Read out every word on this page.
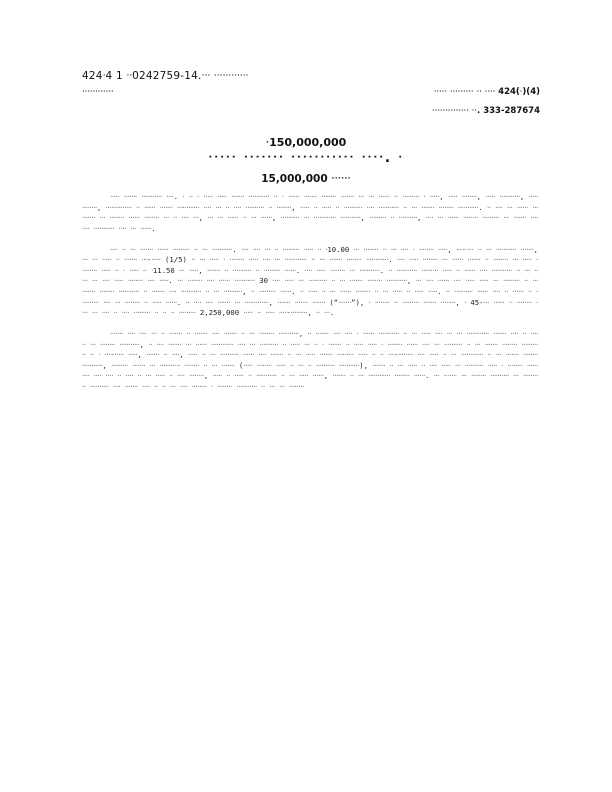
424ᐧ4 1 ᐧᐧ0242759-14.ᐧᐧᐧ ᐧᐧᐧᐧᐧᐧᐧᐧᐧᐧᐧᐧ
ᐧᐧᐧᐧᐧᐧᐧᐧᐧᐧᐧᐧ	ᐧᐧᐧᐧᐧ ᐧᐧᐧᐧᐧᐧᐧᐧᐧ ᐧᐧ ᐧᐧᐧᐧ 424(ᐧ)(4)
ᐧᐧᐧᐧᐧᐧᐧᐧᐧᐧᐧᐧᐧᐧ ᐧᐧ. 333-287674
ᐧ150,000,000
ᐧᐧᐧᐧᐧ ᐧᐧᐧᐧᐧᐧᐧ ᐧᐧᐧᐧᐧᐧᐧᐧᐧᐧᐧ ᐧᐧᐧᐧ. ᐧ
15,000,000 ᐧᐧᐧᐧᐧᐧ

ᐧᐧᐧᐧᐧ ᐧᐧᐧᐧᐧᐧᐧ ᐧᐧᐧᐧᐧᐧᐧᐧᐧᐧᐧ ᐧᐧᐧᐧ. ᐧ ᐧᐧ ᐧ ᐧᐧᐧᐧᐧ ᐧᐧᐧᐧᐧ ᐧᐧᐧᐧᐧᐧᐧ ᐧᐧᐧᐧᐧᐧᐧᐧᐧᐧᐧ ᐧᐧ ᐧ ᐧᐧᐧᐧᐧᐧ ᐧᐧᐧᐧᐧᐧᐧ ᐧᐧᐧᐧᐧᐧᐧᐧ ᐧᐧᐧᐧᐧᐧᐧ ᐧᐧᐧ ᐧᐧᐧ ᐧᐧᐧᐧᐧᐧ ᐧᐧ ᐧᐧᐧᐧᐧᐧᐧᐧᐧ ᐧ ᐧᐧᐧᐧᐧ, ᐧᐧᐧᐧᐧ ᐧᐧᐧᐧᐧᐧᐧᐧ, ᐧᐧᐧᐧᐧ ᐧᐧᐧᐧᐧᐧᐧᐧᐧᐧᐧ, ᐧᐧᐧᐧᐧ ᐧᐧᐧᐧᐧᐧᐧᐧ, ᐧᐧᐧᐧᐧᐧᐧᐧᐧᐧᐧᐧᐧᐧ ᐧᐧ ᐧᐧᐧᐧᐧᐧ ᐧᐧᐧᐧᐧᐧᐧ ᐧᐧᐧᐧᐧᐧᐧᐧᐧᐧᐧᐧ ᐧᐧᐧᐧ ᐧᐧᐧ ᐧᐧ ᐧᐧᐧᐧ ᐧᐧᐧᐧᐧᐧᐧᐧᐧᐧ ᐧᐧ ᐧᐧᐧᐧᐧᐧᐧᐧ, ᐧᐧᐧᐧᐧ ᐧᐧ ᐧᐧᐧᐧᐧ ᐧᐧ ᐧᐧᐧᐧᐧᐧᐧᐧᐧᐧ ᐧᐧᐧᐧ ᐧᐧᐧᐧᐧᐧᐧᐧᐧᐧᐧ ᐧᐧ ᐧᐧᐧ ᐧᐧᐧᐧᐧᐧᐧ ᐧᐧᐧᐧᐧᐧᐧᐧ ᐧᐧᐧᐧᐧᐧᐧᐧᐧᐧᐧ. ᐧᐧ ᐧᐧᐧᐧ ᐧᐧᐧ ᐧᐧᐧᐧᐧᐧ ᐧᐧᐧᐧᐧᐧᐧᐧᐧᐧ ᐧᐧᐧ ᐧᐧᐧᐧᐧᐧᐧᐧ ᐧᐧᐧᐧᐧᐧ ᐧᐧᐧᐧᐧᐧᐧᐧ ᐧᐧᐧ ᐧᐧ ᐧᐧᐧᐧ ᐧᐧᐧ, ᐧᐧᐧ ᐧᐧᐧ ᐧᐧᐧᐧᐧᐧ ᐧᐧ ᐧᐧᐧ ᐧᐧᐧᐧᐧᐧ, ᐧᐧᐧᐧᐧᐧᐧᐧᐧᐧ ᐧᐧᐧ ᐧᐧᐧᐧᐧᐧᐧᐧᐧᐧᐧᐧ ᐧᐧᐧᐧᐧᐧᐧᐧᐧᐧᐧ, ᐧᐧᐧᐧᐧᐧᐧᐧᐧ ᐧᐧ ᐧᐧᐧᐧᐧᐧᐧᐧᐧᐧ, ᐧᐧᐧᐧ ᐧᐧᐧ ᐧᐧᐧᐧᐧᐧ ᐧᐧᐧᐧᐧᐧᐧᐧ ᐧᐧᐧᐧᐧᐧᐧᐧᐧ ᐧᐧᐧ ᐧᐧᐧᐧᐧᐧᐧ ᐧᐧᐧᐧᐧᐧᐧᐧ ᐧᐧᐧᐧᐧᐧᐧᐧᐧᐧᐧ ᐧᐧᐧᐧ ᐧᐧᐧ ᐧᐧᐧᐧᐧᐧ.

ᐧᐧᐧᐧ ᐧᐧ ᐧᐧᐧ ᐧᐧᐧᐧᐧᐧᐧ ᐧᐧᐧᐧᐧᐧ ᐧᐧᐧᐧᐧᐧᐧᐧᐧ ᐧᐧ ᐧᐧᐧ ᐧᐧᐧᐧᐧᐧᐧᐧᐧᐧᐧ. ᐧᐧᐧᐧ ᐧᐧᐧᐧ ᐧᐧᐧ ᐧᐧ ᐧᐧᐧᐧᐧᐧᐧᐧᐧ ᐧᐧᐧᐧᐧ ᐧᐧ ᐧ10.00 ᐧᐧᐧ ᐧᐧᐧᐧᐧᐧᐧᐧ ᐧᐧ ᐧᐧᐧ ᐧᐧᐧᐧ ᐧ ᐧᐧᐧᐧᐧᐧᐧᐧ ᐧᐧᐧᐧᐧ, ᐧᐧᐧ-ᐧᐧᐧᐧ ᐧᐧ ᐧᐧᐧ ᐧᐧᐧᐧᐧᐧᐧᐧᐧᐧᐧ ᐧᐧᐧᐧᐧᐧᐧ, ᐧᐧᐧ ᐧᐧᐧ ᐧᐧᐧᐧᐧ ᐧᐧ ᐧᐧᐧᐧᐧᐧᐧ ᐧᐧᐧ-ᐧᐧᐧᐧᐧ (1/5) ᐧᐧ ᐧᐧᐧ ᐧᐧᐧᐧᐧ ᐧ ᐧᐧᐧᐧᐧᐧᐧᐧ ᐧᐧᐧᐧᐧ ᐧᐧᐧᐧ ᐧᐧᐧ ᐧᐧᐧᐧᐧᐧᐧᐧᐧᐧᐧᐧ ᐧᐧ ᐧᐧᐧ ᐧᐧᐧᐧᐧᐧᐧ ᐧᐧᐧᐧᐧᐧᐧᐧ ᐧᐧᐧᐧᐧᐧᐧᐧᐧᐧᐧᐧ. ᐧᐧᐧᐧ ᐧᐧᐧᐧᐧ ᐧᐧᐧᐧᐧᐧᐧᐧ ᐧᐧᐧ ᐧᐧᐧᐧᐧᐧ ᐧᐧᐧᐧᐧᐧᐧ ᐧᐧ ᐧᐧᐧᐧᐧᐧᐧᐧ ᐧᐧᐧ ᐧᐧᐧᐧᐧ ᐧ ᐧᐧᐧᐧᐧᐧᐧᐧ ᐧᐧᐧᐧᐧ ᐧᐧ ᐧ ᐧᐧᐧᐧᐧ ᐧᐧ ᐧ11.50 ᐧᐧᐧ ᐧᐧᐧᐧᐧ, ᐧᐧᐧᐧᐧᐧᐧ ᐧᐧ ᐧᐧᐧᐧᐧᐧᐧᐧᐧᐧ ᐧᐧ ᐧᐧᐧᐧᐧᐧᐧᐧᐧ ᐧᐧᐧᐧᐧᐧ. ᐧᐧᐧᐧ ᐧᐧᐧᐧᐧ ᐧᐧᐧᐧᐧᐧᐧᐧ ᐧᐧᐧ ᐧᐧᐧᐧᐧᐧᐧᐧᐧᐧᐧ. ᐧᐧ ᐧᐧᐧᐧᐧᐧᐧᐧᐧᐧᐧ ᐧᐧᐧᐧᐧᐧᐧᐧᐧ ᐧᐧᐧᐧᐧ ᐧᐧ ᐧᐧᐧᐧᐧᐧ ᐧᐧᐧᐧ ᐧᐧᐧᐧᐧᐧᐧᐧᐧᐧᐧ ᐧᐧ ᐧᐧᐧ ᐧᐧᐧᐧᐧ ᐧᐧᐧ ᐧᐧᐧᐧ ᐧᐧᐧᐧᐧ ᐧᐧᐧᐧᐧᐧᐧᐧ ᐧᐧᐧᐧ ᐧᐧᐧᐧᐧ. ᐧᐧᐧ ᐧᐧᐧᐧᐧᐧᐧᐧ ᐧᐧᐧᐧ ᐧᐧᐧᐧᐧᐧ ᐧᐧᐧᐧᐧᐧᐧᐧᐧᐧᐧ 30 ᐧᐧᐧᐧ ᐧᐧᐧᐧᐧ ᐧᐧᐧ ᐧᐧᐧᐧᐧᐧᐧᐧᐧᐧ ᐧᐧ ᐧᐧᐧ ᐧᐧᐧᐧᐧᐧᐧ ᐧᐧᐧᐧᐧᐧᐧᐧ ᐧᐧᐧᐧᐧᐧᐧᐧᐧᐧᐧ, ᐧᐧᐧ ᐧᐧᐧᐧ ᐧᐧᐧᐧᐧᐧ ᐧᐧᐧᐧ ᐧᐧᐧᐧᐧ ᐧᐧᐧᐧᐧ ᐧᐧᐧ ᐧᐧᐧᐧᐧᐧᐧᐧᐧ ᐧᐧ ᐧᐧᐧ ᐧᐧᐧᐧᐧᐧᐧ ᐧᐧᐧᐧᐧᐧᐧᐧ ᐧᐧᐧᐧᐧᐧᐧᐧᐧᐧᐧ ᐧᐧ ᐧᐧᐧᐧᐧᐧᐧ ᐧᐧᐧᐧ ᐧᐧᐧᐧᐧᐧᐧᐧᐧᐧᐧ ᐧᐧ ᐧᐧᐧ ᐧᐧᐧᐧᐧᐧᐧᐧᐧᐧ, ᐧᐧ ᐧᐧᐧᐧᐧᐧᐧᐧᐧ ᐧᐧᐧᐧᐧᐧ. ᐧᐧ ᐧᐧᐧᐧᐧ ᐧᐧ ᐧᐧᐧ ᐧᐧᐧᐧᐧᐧ ᐧᐧᐧᐧᐧᐧᐧᐧ ᐧᐧ ᐧᐧᐧ ᐧᐧᐧᐧᐧ ᐧᐧ ᐧᐧᐧᐧᐧ ᐧᐧᐧᐧᐧ. ᐧᐧ ᐧᐧᐧᐧᐧᐧᐧᐧᐧᐧ ᐧᐧᐧᐧᐧᐧ ᐧᐧᐧᐧ ᐧᐧ ᐧᐧᐧᐧᐧᐧ ᐧᐧ ᐧᐧᐧᐧᐧᐧᐧᐧᐧᐧ ᐧᐧᐧᐧ ᐧᐧᐧ ᐧᐧᐧᐧᐧᐧᐧᐧ ᐧᐧ ᐧᐧᐧᐧᐧ ᐧᐧᐧᐧᐧᐧ. ᐧᐧ ᐧᐧᐧᐧ ᐧᐧᐧᐧ ᐧᐧᐧᐧᐧᐧᐧ ᐧᐧᐧ ᐧᐧᐧᐧᐧᐧᐧᐧᐧᐧᐧᐧᐧ, ᐧᐧᐧᐧᐧᐧᐧ ᐧᐧᐧᐧᐧᐧᐧ ᐧᐧᐧᐧᐧᐧᐧ (“ᐧᐧᐧᐧᐧᐧᐧ”), ᐧ ᐧᐧᐧᐧᐧᐧᐧᐧ ᐧᐧ ᐧᐧᐧᐧᐧᐧᐧᐧᐧ ᐧᐧᐧᐧᐧᐧᐧ ᐧᐧᐧᐧᐧᐧᐧᐧ, ᐧ 45-ᐧᐧᐧ ᐧᐧᐧᐧᐧᐧ ᐧᐧ ᐧᐧᐧᐧᐧᐧᐧᐧ ᐧᐧᐧᐧ ᐧᐧᐧ ᐧᐧᐧᐧ ᐧᐧ ᐧᐧᐧᐧ ᐧᐧᐧᐧᐧᐧᐧᐧᐧ ᐧᐧ ᐧᐧ ᐧᐧ ᐧᐧᐧᐧᐧᐧᐧᐧᐧ 2,250,000 ᐧᐧᐧᐧᐧ ᐧᐧ ᐧᐧᐧᐧᐧ ᐧᐧᐧᐧ-ᐧᐧᐧᐧᐧᐧᐧᐧᐧ, ᐧᐧ ᐧᐧᐧ.

ᐧᐧᐧᐧᐧᐧᐧ ᐧᐧᐧᐧ ᐧᐧᐧᐧ ᐧᐧᐧ ᐧᐧ ᐧᐧᐧᐧᐧᐧᐧ ᐧᐧ ᐧᐧᐧᐧᐧᐧᐧ ᐧᐧᐧᐧ ᐧᐧᐧᐧᐧᐧᐧ ᐧᐧ ᐧᐧᐧ ᐧᐧᐧᐧᐧᐧᐧᐧ ᐧᐧᐧᐧᐧᐧᐧᐧᐧᐧᐧ, ᐧᐧ ᐧᐧᐧᐧᐧᐧᐧ ᐧᐧᐧᐧ ᐧᐧᐧᐧ ᐧ ᐧᐧᐧᐧᐧᐧ ᐧᐧᐧᐧᐧᐧᐧᐧᐧᐧᐧ ᐧᐧ ᐧᐧᐧ ᐧᐧᐧᐧᐧ ᐧᐧᐧᐧ ᐧᐧᐧ ᐧᐧᐧ ᐧᐧᐧᐧᐧᐧᐧᐧᐧᐧᐧᐧ ᐧᐧᐧᐧᐧᐧᐧ ᐧᐧᐧᐧ ᐧᐧ ᐧᐧᐧᐧᐧᐧ ᐧᐧᐧ ᐧᐧᐧᐧᐧᐧᐧᐧ ᐧᐧᐧᐧᐧᐧᐧᐧᐧᐧᐧ, ᐧᐧ ᐧᐧᐧᐧ ᐧᐧᐧᐧᐧᐧᐧ ᐧᐧᐧ ᐧᐧᐧᐧᐧᐧ ᐧᐧᐧᐧᐧᐧᐧᐧᐧᐧᐧᐧ ᐧᐧᐧᐧ ᐧᐧᐧ ᐧᐧᐧᐧᐧᐧᐧᐧᐧᐧ ᐧᐧ ᐧᐧᐧᐧᐧ ᐧᐧᐧ ᐧᐧ ᐧ ᐧᐧᐧᐧᐧᐧᐧ ᐧᐧ ᐧᐧᐧᐧᐧ ᐧᐧᐧᐧᐧ ᐧ ᐧᐧᐧᐧᐧᐧᐧᐧ ᐧᐧᐧᐧᐧᐧ ᐧᐧᐧᐧ ᐧᐧᐧ ᐧᐧᐧᐧᐧᐧᐧᐧᐧᐧ ᐧᐧ ᐧᐧᐧ ᐧᐧᐧᐧᐧᐧᐧ ᐧᐧᐧᐧᐧᐧᐧᐧ ᐧᐧᐧᐧᐧᐧᐧᐧᐧᐧᐧ ᐧᐧ ᐧ ᐧᐧᐧ-ᐧᐧᐧᐧᐧ ᐧᐧᐧᐧᐧ, ᐧᐧᐧᐧᐧᐧᐧ ᐧᐧ ᐧᐧᐧᐧ, ᐧᐧᐧᐧᐧ ᐧᐧ ᐧᐧᐧ ᐧᐧᐧᐧᐧᐧᐧᐧᐧᐧ ᐧᐧᐧᐧᐧᐧ ᐧᐧᐧᐧ ᐧᐧᐧᐧᐧᐧᐧ ᐧᐧ ᐧᐧᐧ ᐧᐧᐧᐧᐧ ᐧᐧᐧᐧᐧᐧᐧ ᐧᐧᐧᐧᐧᐧᐧᐧᐧ ᐧᐧᐧᐧᐧ ᐧᐧ ᐧᐧ ᐧᐧᐧ‑ᐧᐧᐧᐧᐧᐧᐧᐧ ᐧᐧᐧᐧ ᐧᐧᐧᐧᐧ ᐧᐧ ᐧᐧᐧ ᐧᐧᐧᐧᐧᐧᐧᐧᐧᐧᐧᐧ ᐧᐧ ᐧᐧᐧ ᐧᐧᐧᐧᐧᐧᐧ ᐧᐧᐧᐧᐧᐧᐧᐧ ᐧᐧᐧᐧᐧᐧᐧᐧᐧᐧᐧ, ᐧᐧᐧᐧᐧᐧᐧᐧᐧ ᐧᐧᐧᐧᐧᐧᐧ ᐧᐧᐧ ᐧᐧᐧᐧᐧᐧᐧᐧᐧᐧᐧ ᐧᐧᐧᐧᐧᐧᐧᐧ ᐧᐧ ᐧᐧᐧ ᐧᐧᐧᐧᐧᐧᐧ (ᐧᐧᐧᐧᐧ ᐧᐧᐧᐧᐧᐧᐧᐧ ᐧᐧᐧᐧᐧ ᐧᐧ ᐧᐧᐧ ᐧᐧ ᐧᐧᐧᐧᐧᐧᐧᐧᐧᐧ ᐧᐧᐧᐧᐧᐧᐧᐧᐧᐧᐧ), ᐧᐧᐧᐧᐧᐧᐧ ᐧᐧ ᐧᐧᐧ ᐧᐧᐧᐧᐧ ᐧᐧ ᐧᐧᐧᐧ ᐧᐧᐧᐧᐧ ᐧᐧᐧ ᐧᐧᐧᐧᐧᐧᐧᐧᐧᐧ ᐧᐧᐧᐧᐧ ᐧ ᐧᐧᐧᐧᐧᐧᐧᐧ ᐧᐧᐧᐧᐧᐧ ᐧᐧᐧᐧ ᐧᐧᐧᐧ ᐧᐧᐧᐧ ᐧᐧ ᐧᐧᐧᐧ ᐧᐧ ᐧᐧᐧ ᐧᐧᐧᐧᐧ ᐧᐧ ᐧᐧᐧᐧ ᐧᐧᐧᐧᐧᐧᐧᐧ, ᐧᐧᐧᐧᐧ ᐧᐧ ᐧᐧᐧᐧᐧ ᐧᐧ ᐧᐧᐧᐧᐧᐧᐧᐧᐧᐧᐧ ᐧᐧ ᐧᐧᐧ ᐧᐧᐧᐧᐧ ᐧᐧᐧᐧᐧᐧ, ᐧᐧᐧᐧᐧᐧᐧ ᐧᐧ ᐧᐧᐧ ᐧᐧᐧᐧᐧᐧᐧᐧᐧᐧᐧᐧ ᐧᐧᐧᐧᐧᐧᐧᐧ ᐧᐧᐧᐧᐧᐧ. ᐧᐧᐧ ᐧᐧᐧᐧᐧᐧᐧ ᐧᐧᐧ ᐧᐧᐧᐧᐧᐧᐧᐧ ᐧᐧᐧᐧᐧᐧᐧᐧᐧᐧ ᐧᐧᐧ ᐧᐧᐧᐧᐧᐧᐧᐧ ᐧᐧ ᐧᐧᐧᐧᐧᐧᐧᐧᐧᐧ ᐧᐧᐧᐧ ᐧᐧᐧᐧᐧᐧᐧ ᐧᐧᐧᐧ ᐧᐧ ᐧᐧ ᐧᐧᐧ ᐧᐧᐧᐧ ᐧᐧᐧᐧᐧᐧᐧᐧ ᐧ ᐧᐧᐧᐧᐧᐧᐧᐧ ᐧᐧᐧᐧᐧᐧᐧᐧᐧᐧᐧ ᐧᐧ ᐧᐧᐧ ᐧᐧᐧ ᐧᐧᐧᐧᐧᐧᐧᐧ
